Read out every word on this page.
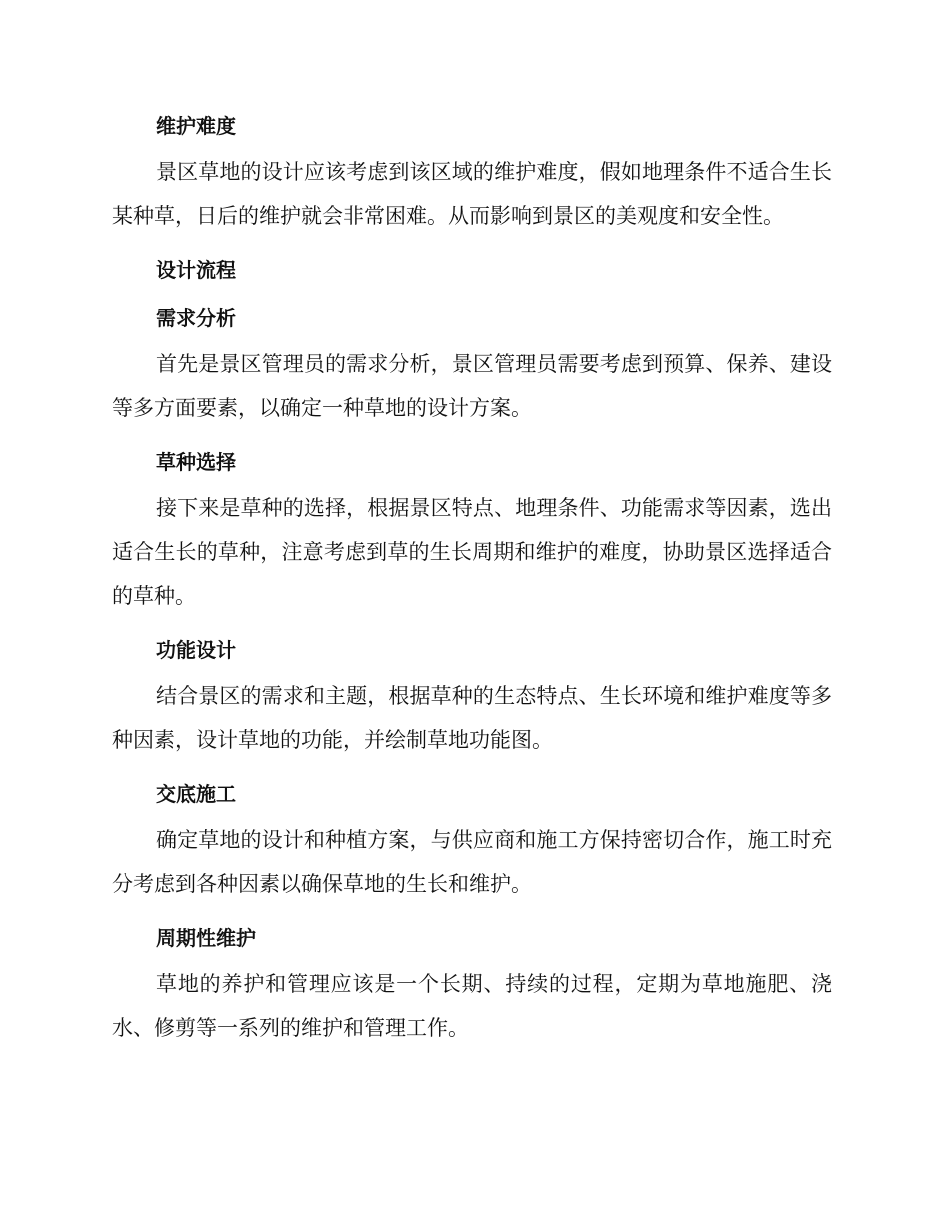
维护难度

景区草地的设计应该考虑到该区域的维护难度，假如地理条件不适合生长某种草，日后的维护就会非常困难。从而影响到景区的美观度和安全性。

设计流程
需求分析

首先是景区管理员的需求分析，景区管理员需要考虑到预算、保养、建设等多方面要素，以确定一种草地的设计方案。

草种选择

接下来是草种的选择，根据景区特点、地理条件、功能需求等因素，选出适合生长的草种，注意考虑到草的生长周期和维护的难度，协助景区选择适合的草种。

功能设计

结合景区的需求和主题，根据草种的生态特点、生长环境和维护难度等多种因素，设计草地的功能，并绘制草地功能图。

交底施工

确定草地的设计和种植方案，与供应商和施工方保持密切合作，施工时充分考虑到各种因素以确保草地的生长和维护。

周期性维护

草地的养护和管理应该是一个长期、持续的过程，定期为草地施肥、浇水、修剪等一系列的维护和管理工作。
